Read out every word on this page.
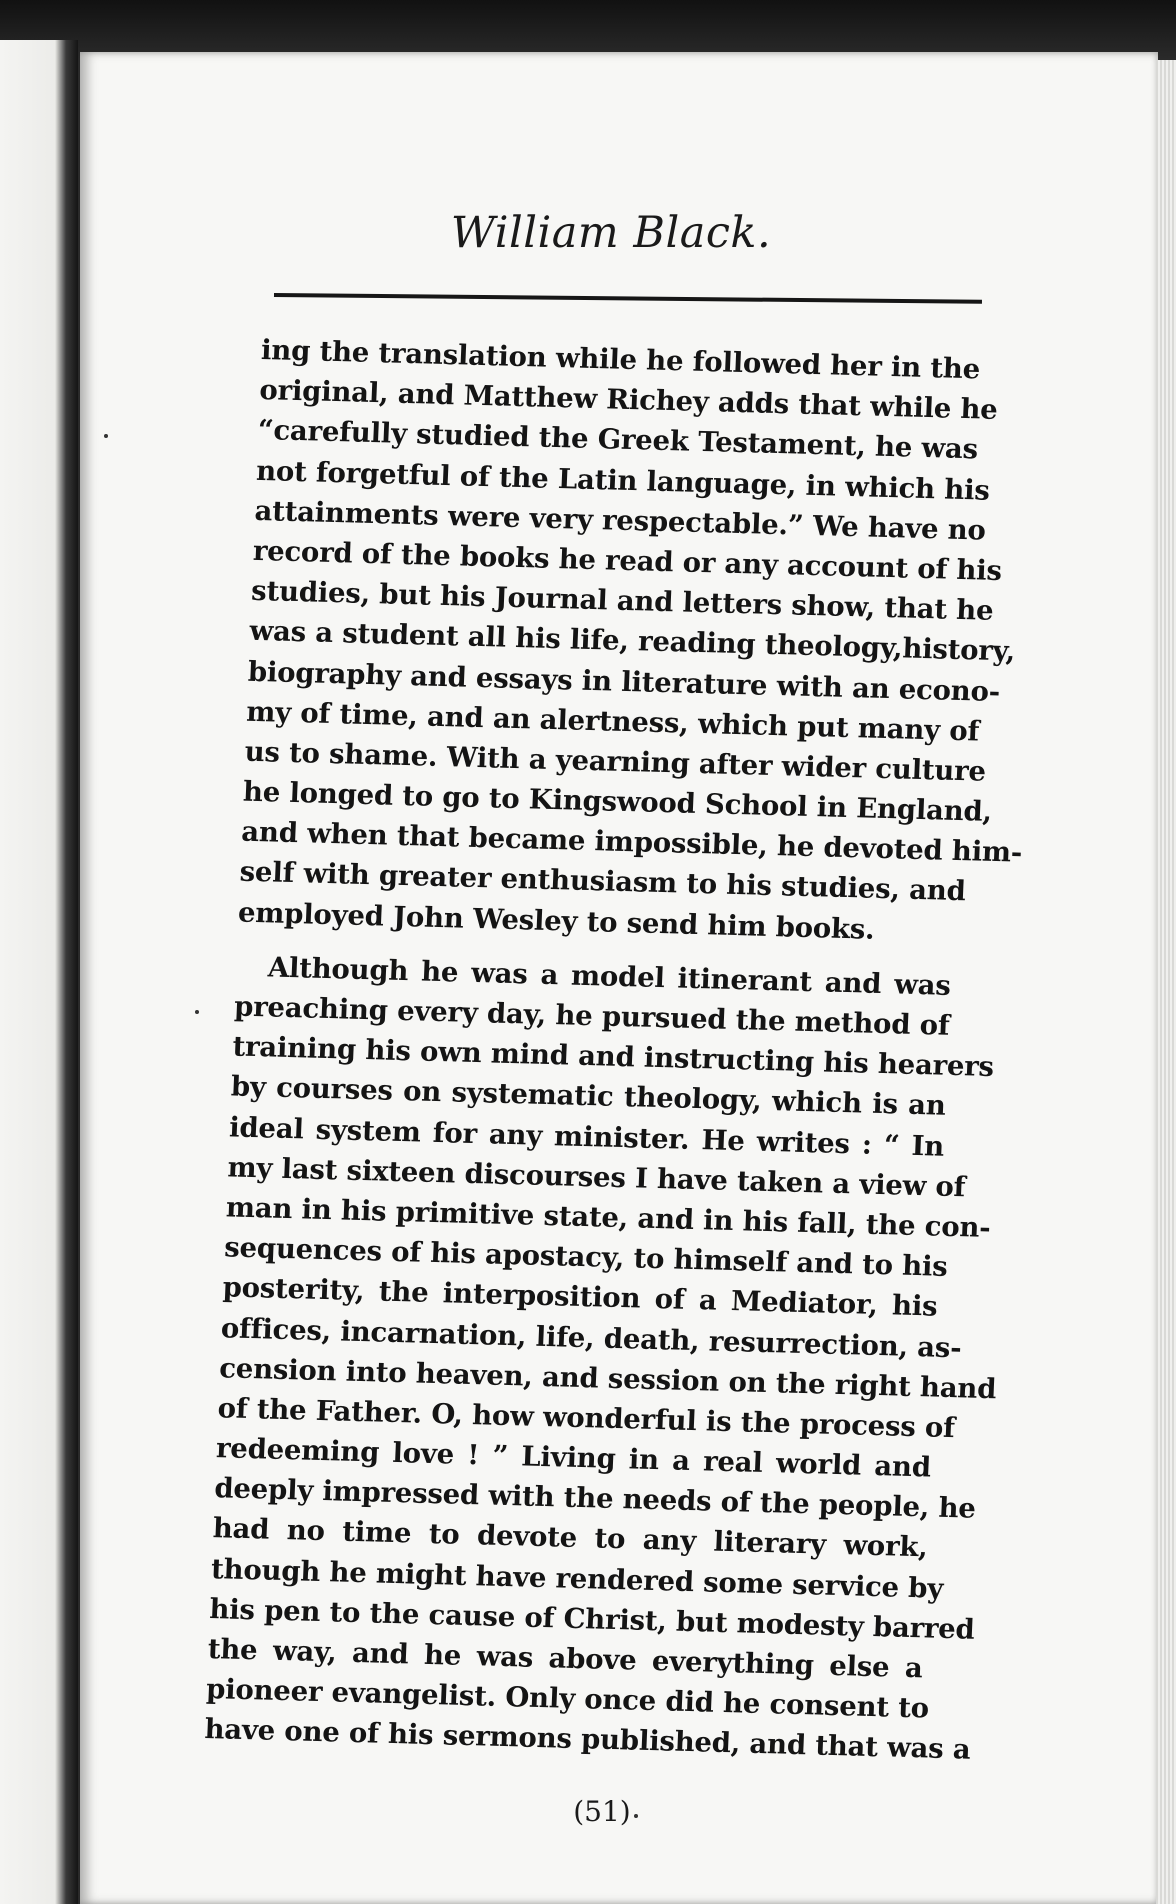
William Black.
ing the translation while he followed her in the
original, and Matthew Richey adds that while he
“carefully studied the Greek Testament, he was
not forgetful of the Latin language, in which his
attainments were very respectable.” We have no
record of the books he read or any account of his
studies, but his Journal and letters show, that he
was a student all his life, reading theology,history,
biography and essays in literature with an econo-
my of time, and an alertness, which put many of
us to shame. With a yearning after wider culture
he longed to go to Kingswood School in England,
and when that became impossible, he devoted him-
self with greater enthusiasm to his studies, and
employed John Wesley to send him books.
Although he was a model itinerant and was
preaching every day, he pursued the method of
training his own mind and instructing his hearers
by courses on systematic theology, which is an
ideal system for any minister. He writes : “ In
my last sixteen discourses I have taken a view of
man in his primitive state, and in his fall, the con-
sequences of his apostacy, to himself and to his
posterity, the interposition of a Mediator, his
offices, incarnation, life, death, resurrection, as-
cension into heaven, and session on the right hand
of the Father. O, how wonderful is the process of
redeeming love ! ” Living in a real world and
deeply impressed with the needs of the people, he
had no time to devote to any literary work,
though he might have rendered some service by
his pen to the cause of Christ, but modesty barred
the way, and he was above everything else a
pioneer evangelist. Only once did he consent to
have one of his sermons published, and that was a
(51)
